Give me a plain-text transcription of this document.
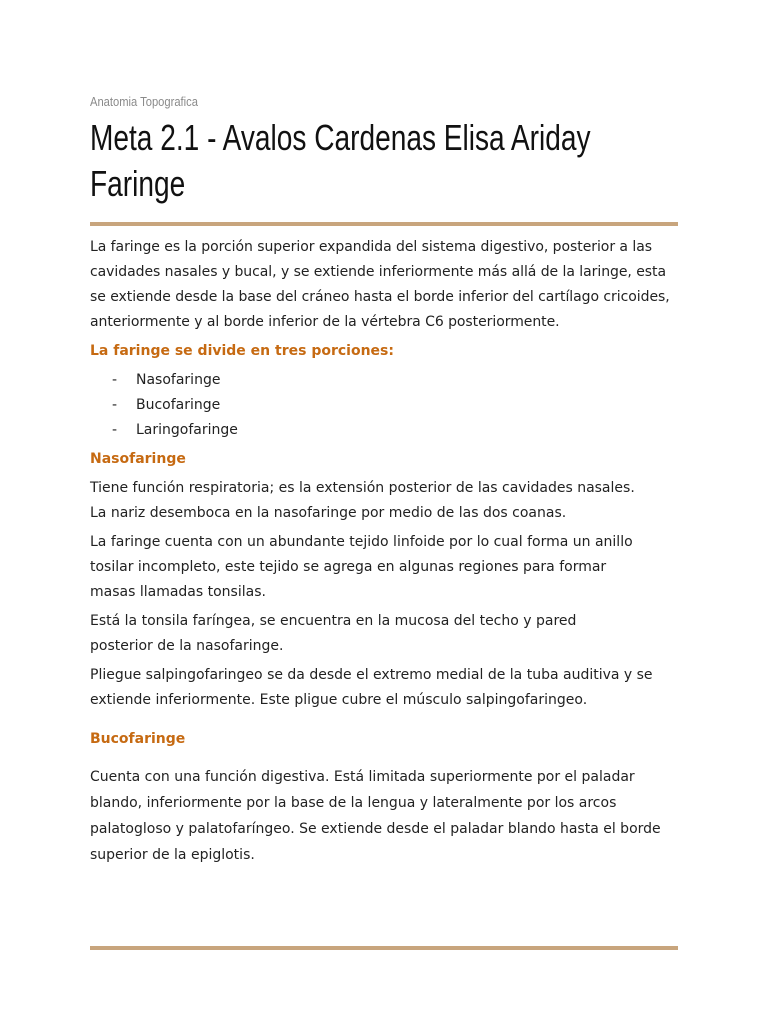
Anatomia Topografica
Meta 2.1 - Avalos Cardenas Elisa Ariday
Faringe

La faringe es la porción superior expandida del sistema digestivo, posterior a las cavidades nasales y bucal, y se extiende inferiormente más allá de la laringe, esta se extiende desde la base del cráneo hasta el borde inferior del cartílago cricoides, anteriormente y al borde inferior de la vértebra C6 posteriormente.

La faringe se divide en tres porciones:

- Nasofaringe
- Bucofaringe
- Laringofaringe

Nasofaringe

Tiene función respiratoria; es la extensión posterior de las cavidades nasales. La nariz desemboca en la nasofaringe por medio de las dos coanas.

La faringe cuenta con un abundante tejido linfoide por lo cual forma un anillo tosilar incompleto, este tejido se agrega en algunas regiones para formar masas llamadas tonsilas.

Está la tonsila faríngea, se encuentra en la mucosa del techo y pared posterior de la nasofaringe.

Pliegue salpingofaringeo se da desde el extremo medial de la tuba auditiva y se extiende inferiormente. Este pligue cubre el músculo salpingofaringeo.

Bucofaringe

Cuenta con una función digestiva. Está limitada superiormente por el paladar blando, inferiormente por la base de la lengua y lateralmente por los arcos palatogloso y palatofaríngeo. Se extiende desde el paladar blando hasta el borde superior de la epiglotis.
